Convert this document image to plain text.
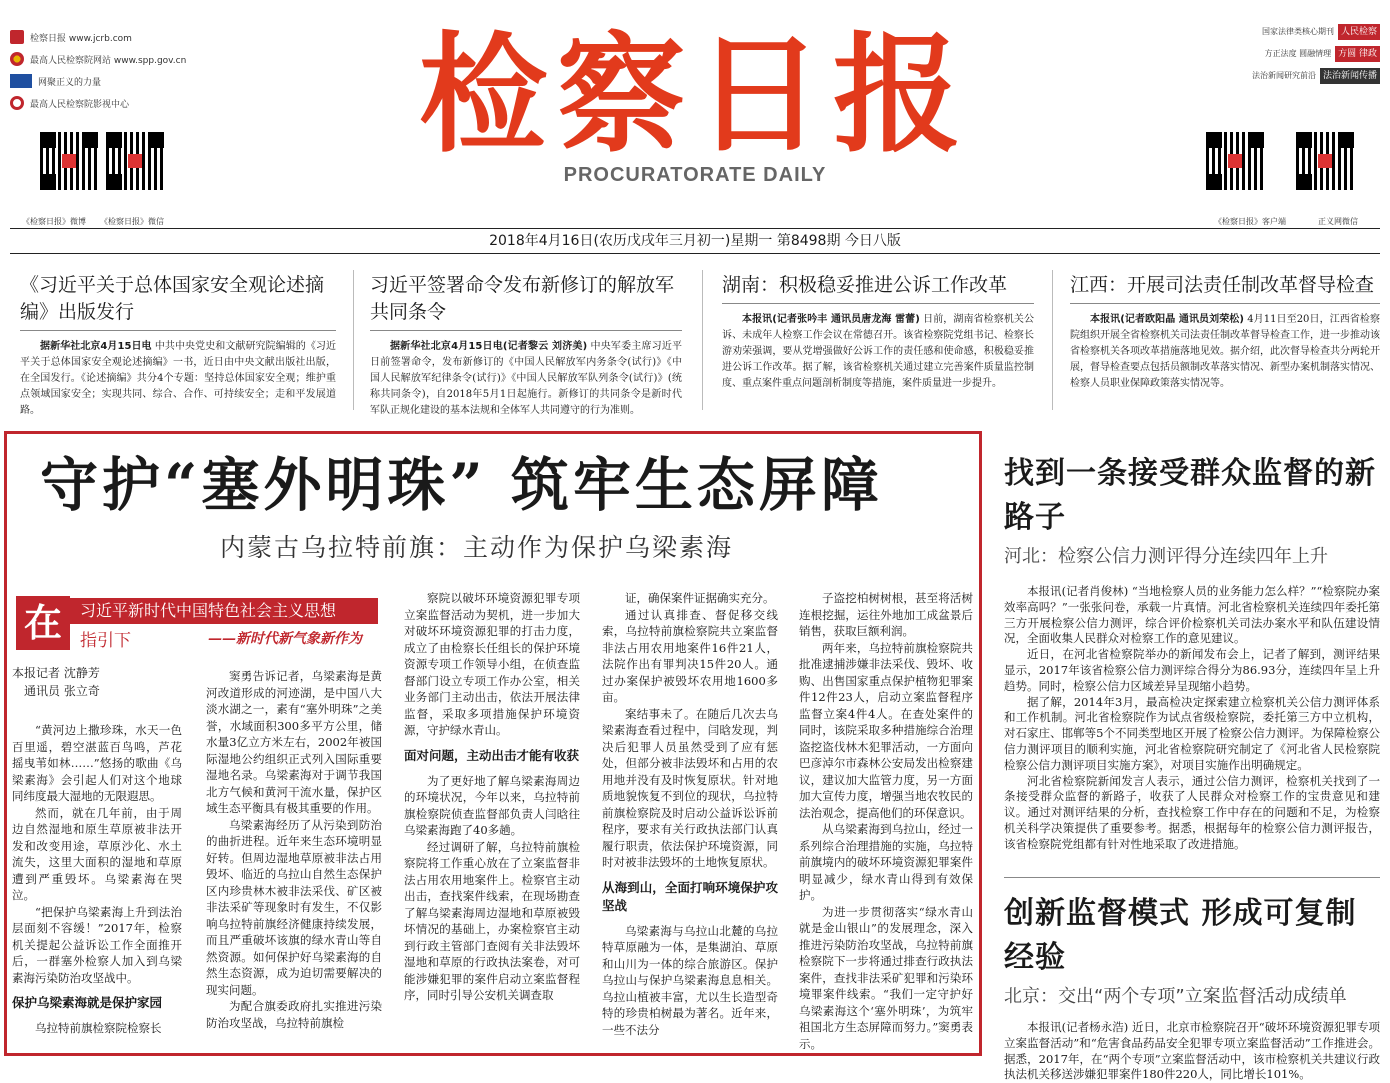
检察日报 www.jcrb.com
最高人民检察院网站 www.spp.gov.cn
网聚正义的力量
最高人民检察院影视中心
《检察日报》微博 《检察日报》微信
检察日报
PROCURATORATE DAILY
国家法律类核心期刊 人民检察
方正法度 圆融情理 方圆 律政
法治新闻研究前沿 法治新闻传播
《检察日报》客户端	正义网微信
2018年4月16日(农历戊戌年三月初一)星期一 第8498期 今日八版
《习近平关于总体国家安全观论述摘编》出版发行

据新华社北京4月15日电 中共中央党史和文献研究院编辑的《习近平关于总体国家安全观论述摘编》一书，近日由中央文献出版社出版，在全国发行。《论述摘编》共分4个专题：坚持总体国家安全观；维护重点领域国家安全；实现共同、综合、合作、可持续安全；走和平发展道路。

习近平签署命令发布新修订的解放军共同条令

据新华社北京4月15日电(记者黎云 刘济美) 中央军委主席习近平日前签署命令，发布新修订的《中国人民解放军内务条令(试行)》《中国人民解放军纪律条令(试行)》《中国人民解放军队列条令(试行)》(统称共同条令)，自2018年5月1日起施行。新修订的共同条令是新时代军队正规化建设的基本法规和全体军人共同遵守的行为准则。

湖南：积极稳妥推进公诉工作改革

本报讯(记者张吟丰 通讯员唐龙海 雷蕾) 日前，湖南省检察机关公诉、未成年人检察工作会议在常德召开。该省检察院党组书记、检察长游劝荣强调，要从党增强做好公诉工作的责任感和使命感，积极稳妥推进公诉工作改革。据了解，该省检察机关通过建立完善案件质量监控制度、重点案件重点问题剖析制度等措施，案件质量进一步提升。

江西：开展司法责任制改革督导检查

本报讯(记者欧阳晶 通讯员刘荣松) 4月11日至20日，江西省检察院组织开展全省检察机关司法责任制改革督导检查工作，进一步推动该省检察机关各项改革措施落地见效。据介绍，此次督导检查共分两轮开展，督导检查要点包括员额制改革落实情况、新型办案机制落实情况、检察人员职业保障政策落实情况等。

守护“塞外明珠” 筑牢生态屏障
内蒙古乌拉特前旗：主动作为保护乌梁素海
在	习近平新时代中国特色社会主义思想
指引下	——新时代新气象新作为
本报记者 沈静芳
通讯员 张立奇

“黄河边上撒珍珠，水天一色百里遥，碧空湛蓝百鸟鸣，芦花摇曳苇如林……”悠扬的歌曲《乌梁素海》会引起人们对这个地球同纬度最大湿地的无限遐思。

然而，就在几年前，由于周边自然湿地和原生草原被非法开发和改变用途，草原沙化、水土流失，这里大面积的湿地和草原遭到严重毁坏。乌梁素海在哭泣。

“把保护乌梁素海上升到法治层面刻不容缓！”2017年，检察机关提起公益诉讼工作全面推开后，一群塞外检察人加入到乌梁素海污染防治攻坚战中。

保护乌梁素海就是保护家园

乌拉特前旗检察院检察长

窦勇告诉记者，乌梁素海是黄河改道形成的河迹湖，是中国八大淡水湖之一，素有“塞外明珠”之美誉，水域面积300多平方公里，储水量3亿立方米左右，2002年被国际湿地公约组织正式列入国际重要湿地名录。乌梁素海对于调节我国北方气候和黄河干流水量，保护区域生态平衡具有极其重要的作用。

乌梁素海经历了从污染到防治的曲折进程。近年来生态环境明显好转。但周边湿地草原被非法占用毁坏、临近的乌拉山自然生态保护区内珍贵林木被非法采伐、矿区被非法采矿等现象时有发生，不仅影响乌拉特前旗经济健康持续发展，而且严重破坏该旗的绿水青山等自然资源。如何保护好乌梁素海的自然生态资源，成为迫切需要解决的现实问题。

为配合旗委政府扎实推进污染防治攻坚战，乌拉特前旗检

察院以破坏环境资源犯罪专项立案监督活动为契机，进一步加大对破坏环境资源犯罪的打击力度，成立了由检察长任组长的保护环境资源专项工作领导小组，在侦查监督部门设立专项工作办公室，相关业务部门主动出击，依法开展法律监督，采取多项措施保护环境资源，守护绿水青山。

面对问题，主动出击才能有收获

为了更好地了解乌梁素海周边的环境状况，今年以来，乌拉特前旗检察院侦查监督部负责人闫晗往乌梁素海跑了40多趟。

经过调研了解，乌拉特前旗检察院将工作重心放在了立案监督非法占用农用地案件上。检察官主动出击，查找案件线索，在现场勘查了解乌梁素海周边湿地和草原被毁坏情况的基础上，办案检察官主动到行政主管部门查阅有关非法毁坏湿地和草原的行政执法案卷，对可能涉嫌犯罪的案件启动立案监督程序，同时引导公安机关调查取

证，确保案件证据确实充分。

通过认真排查、督促移交线索，乌拉特前旗检察院共立案监督非法占用农用地案件16件21人，法院作出有罪判决15件20人。通过办案保护被毁坏农用地1600多亩。

案结事未了。在随后几次去乌梁素海查看过程中，闫晗发现，判决后犯罪人员虽然受到了应有惩处，但部分被非法毁坏和占用的农用地并没有及时恢复原状。针对地质地貌恢复不到位的现状，乌拉特前旗检察院及时启动公益诉讼诉前程序，要求有关行政执法部门认真履行职责，依法保护环境资源，同时对被非法毁坏的土地恢复原状。

从海到山，全面打响环境保护攻坚战

乌梁素海与乌拉山北麓的乌拉特草原融为一体，是集湖泊、草原和山川为一体的综合旅游区。保护乌拉山与保护乌梁素海息息相关。乌拉山植被丰富，尤以生长造型奇特的珍贵柏树最为著名。近年来，一些不法分

子盗挖柏树树根，甚至将活树连根挖掘，运往外地加工成盆景后销售，获取巨额利润。

两年来，乌拉特前旗检察院共批准逮捕涉嫌非法采伐、毁坏、收购、出售国家重点保护植物犯罪案件12件23人，启动立案监督程序监督立案4件4人。在查处案件的同时，该院采取多种措施综合治理盗挖盗伐林木犯罪活动，一方面向巴彦淖尔市森林公安局发出检察建议，建议加大监管力度，另一方面加大宣传力度，增强当地农牧民的法治观念，提高他们的环保意识。

从乌梁素海到乌拉山，经过一系列综合治理措施的实施，乌拉特前旗境内的破坏环境资源犯罪案件明显减少，绿水青山得到有效保护。

为进一步贯彻落实“绿水青山就是金山银山”的发展理念，深入推进污染防治攻坚战，乌拉特前旗检察院下一步将通过排查行政执法案件，查找非法采矿犯罪和污染环境罪案件线索。“我们一定守护好乌梁素海这个‘塞外明珠’，为筑牢祖国北方生态屏障而努力。”窦勇表示。

找到一条接受群众监督的新路子
河北：检察公信力测评得分连续四年上升

本报讯(记者肖俊林) “当地检察人员的业务能力怎么样？”“检察院办案效率高吗？”一张张问卷，承载一片真情。河北省检察机关连续四年委托第三方开展检察公信力测评，综合评价检察机关司法办案水平和队伍建设情况，全面收集人民群众对检察工作的意见建议。

近日，在河北省检察院举办的新闻发布会上，记者了解到，测评结果显示，2017年该省检察公信力测评综合得分为86.93分，连续四年呈上升趋势。同时，检察公信力区域差异呈现缩小趋势。

据了解，2014年3月，最高检决定探索建立检察机关公信力测评体系和工作机制。河北省检察院作为试点省级检察院，委托第三方中立机构，对石家庄、邯郸等5个不同类型地区开展了检察公信力测评。为保障检察公信力测评项目的顺利实施，河北省检察院研究制定了《河北省人民检察院检察公信力测评项目实施方案》，对项目实施作出明确规定。

河北省检察院新闻发言人表示，通过公信力测评，检察机关找到了一条接受群众监督的新路子，收获了人民群众对检察工作的宝贵意见和建议。通过对测评结果的分析，查找检察工作中存在的问题和不足，为检察机关科学决策提供了重要参考。据悉，根据每年的检察公信力测评报告，该省检察院党组都有针对性地采取了改进措施。

创新监督模式 形成可复制经验
北京：交出“两个专项”立案监督活动成绩单

本报讯(记者杨永浩) 近日，北京市检察院召开“破坏环境资源犯罪专项立案监督活动”和“危害食品药品安全犯罪专项立案监督活动”工作推进会。据悉，2017年，在“两个专项”立案监督活动中，该市检察机关共建议行政执法机关移送涉嫌犯罪案件180件220人，同比增长101%。
